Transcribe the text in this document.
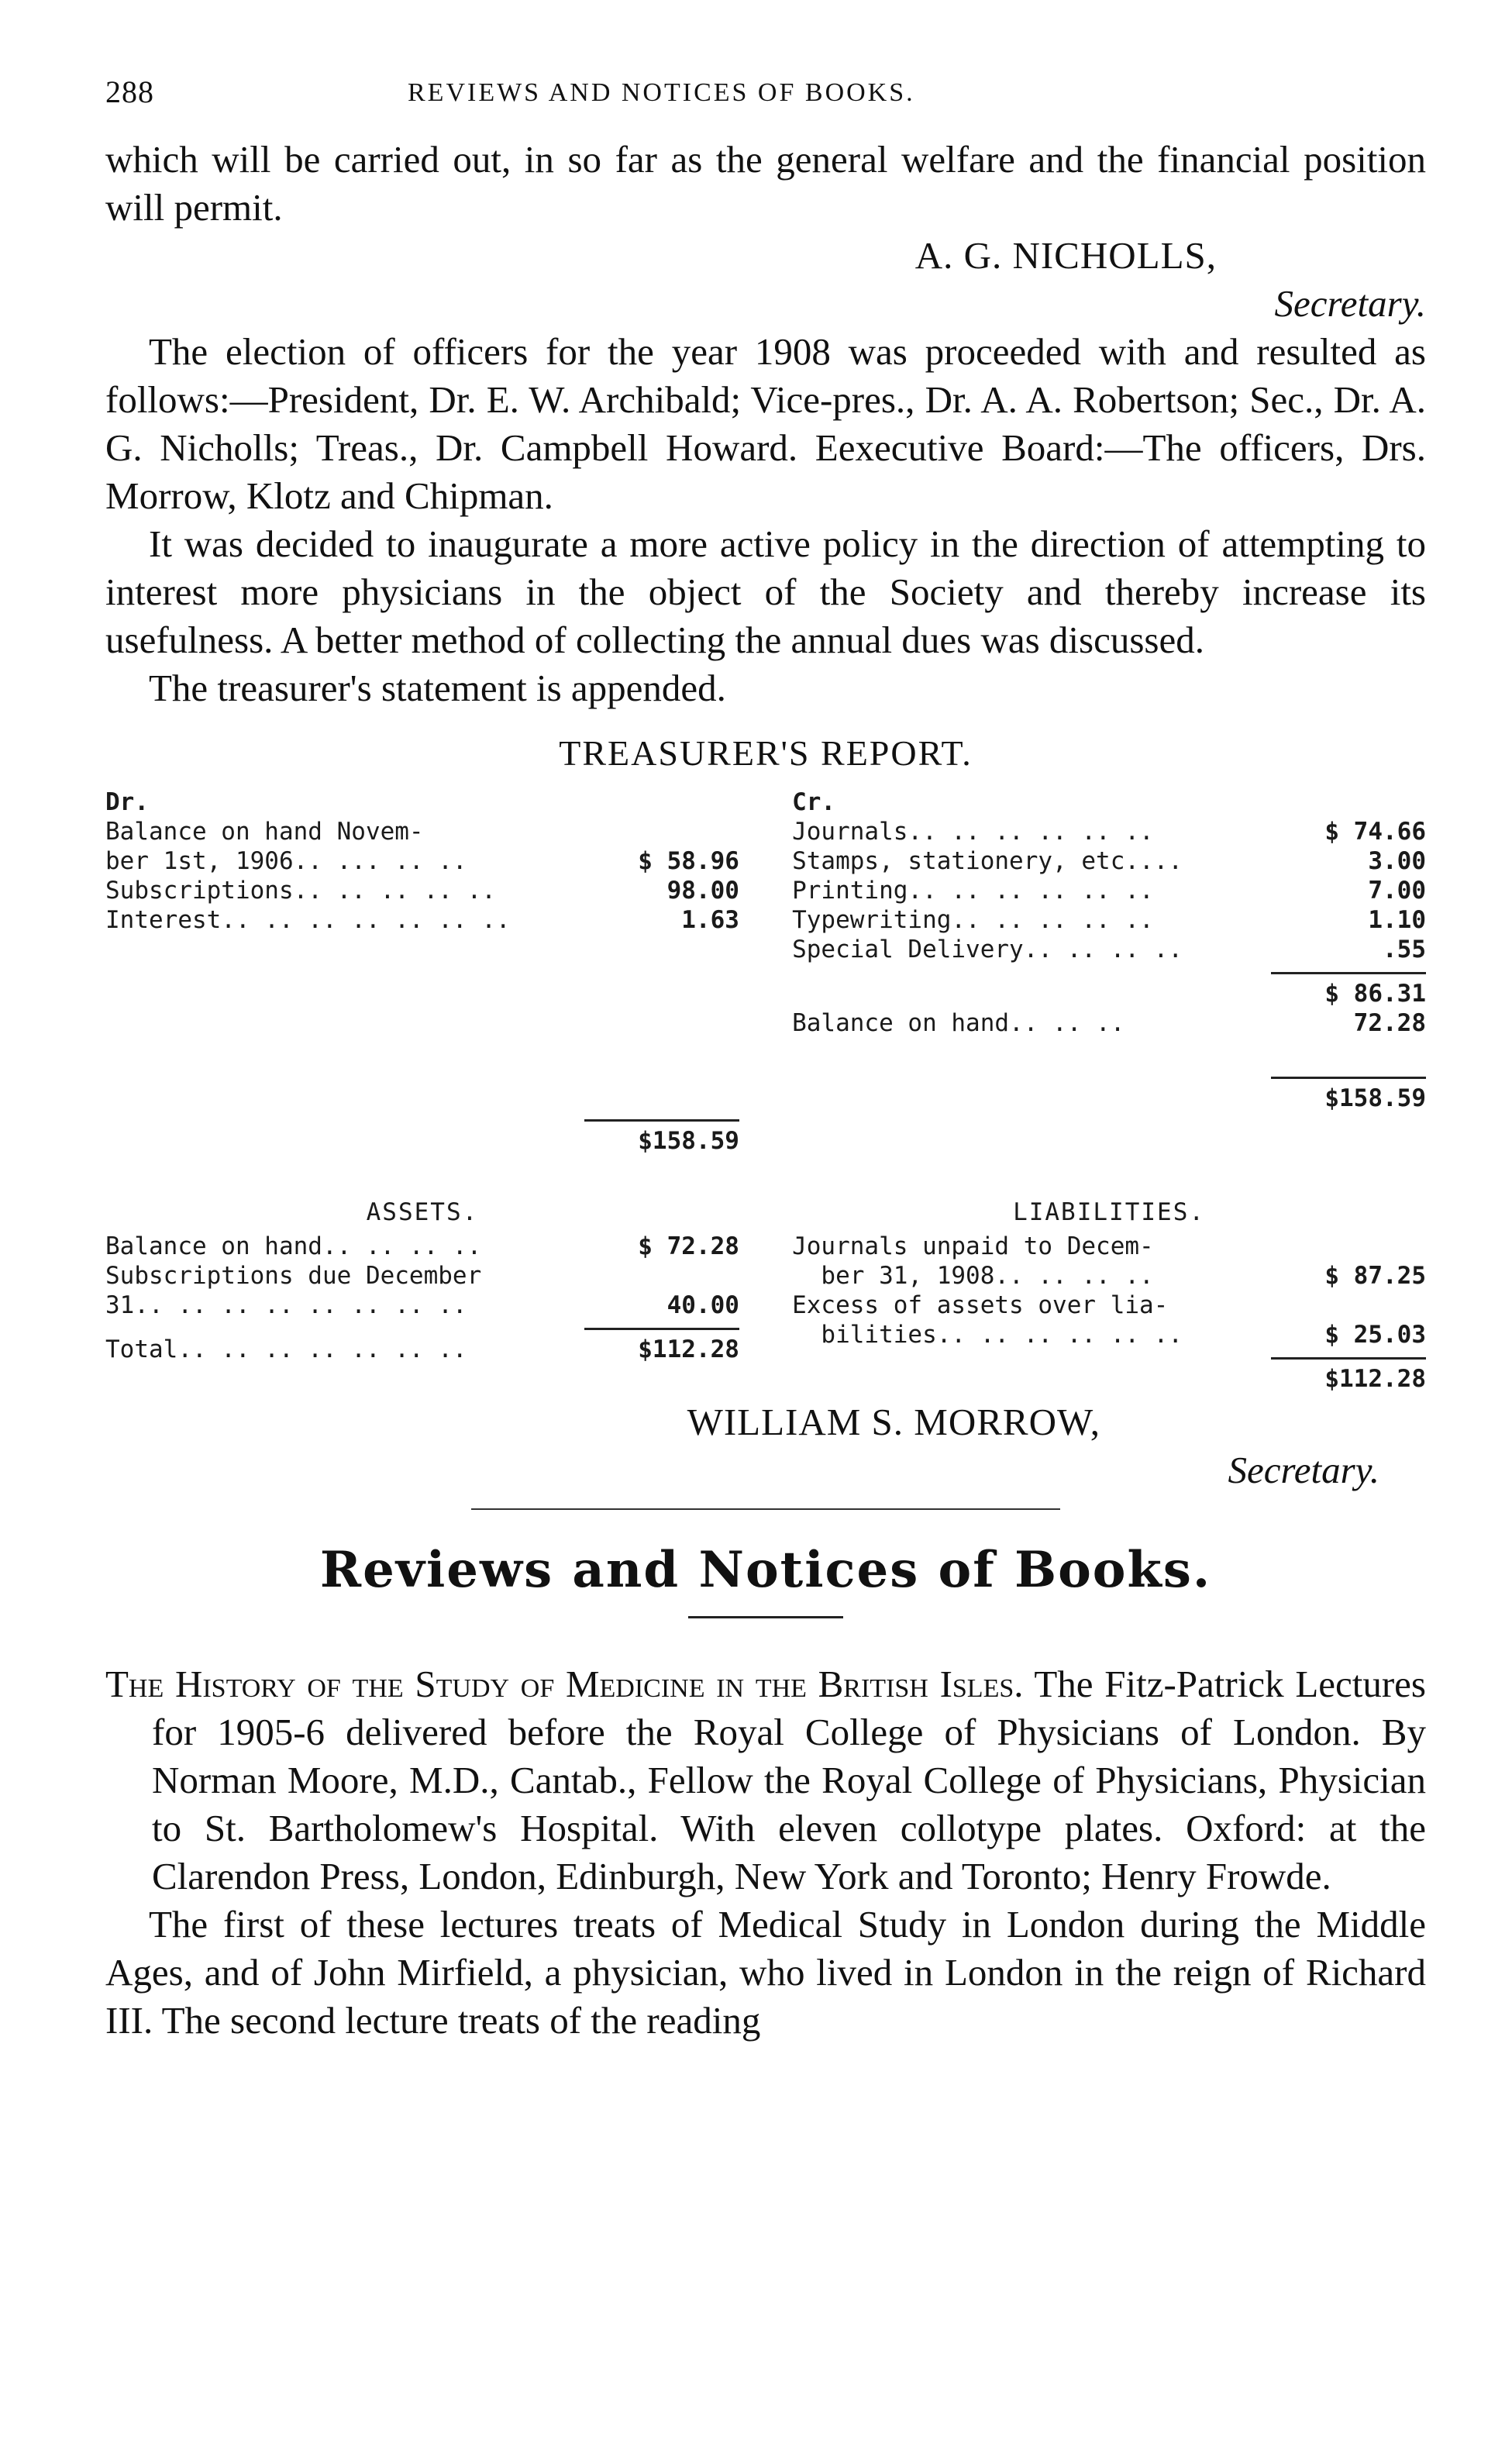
288	REVIEWS AND NOTICES OF BOOKS.

which will be carried out, in so far as the general welfare and the financial position will permit.

A. G. NICHOLLS,
Secretary.

The election of officers for the year 1908 was proceeded with and resulted as follows:—President, Dr. E. W. Archibald; Vice-pres., Dr. A. A. Robertson; Sec., Dr. A. G. Nicholls; Treas., Dr. Campbell Howard. Eexecutive Board:—The officers, Drs. Morrow, Klotz and Chipman.

It was decided to inaugurate a more active policy in the direction of attempting to interest more physicians in the object of the Society and thereby increase its usefulness. A better method of collecting the annual dues was discussed.

The treasurer's statement is appended.

TREASURER'S REPORT.
Dr.
Balance on hand Novem-
ber 1st, 1906.. ... .. ..	$ 58.96
Subscriptions.. .. .. .. ..	98.00
Interest.. .. .. .. .. .. ..	1.63
$158.59
Cr.
Journals.. .. .. .. .. ..	$ 74.66
Stamps, stationery, etc....	3.00
Printing.. .. .. .. .. ..	7.00
Typewriting.. .. .. .. ..	1.10
Special Delivery.. .. .. ..	.55
$ 86.31
Balance on hand.. .. ..	72.28
$158.59
ASSETS.
Balance on hand.. .. .. ..	$ 72.28
Subscriptions due December
31.. .. .. .. .. .. .. ..	40.00
Total.. .. .. .. .. .. ..	$112.28
LIABILITIES.
Journals unpaid to Decem-
ber 31, 1908.. .. .. ..	$ 87.25
Excess of assets over lia-
bilities.. .. .. .. .. ..	$ 25.03
$112.28
WILLIAM S. MORROW,
Secretary.
Reviews and Notices of Books.

The History of the Study of Medicine in the British Isles. The Fitz-Patrick Lectures for 1905-6 delivered before the Royal College of Physicians of London. By Norman Moore, M.D., Cantab., Fellow the Royal College of Physicians, Physician to St. Bartholomew's Hospital. With eleven collotype plates. Oxford: at the Clarendon Press, London, Edinburgh, New York and Toronto; Henry Frowde.

The first of these lectures treats of Medical Study in London during the Middle Ages, and of John Mirfield, a physician, who lived in London in the reign of Richard III. The second lecture treats of the reading
